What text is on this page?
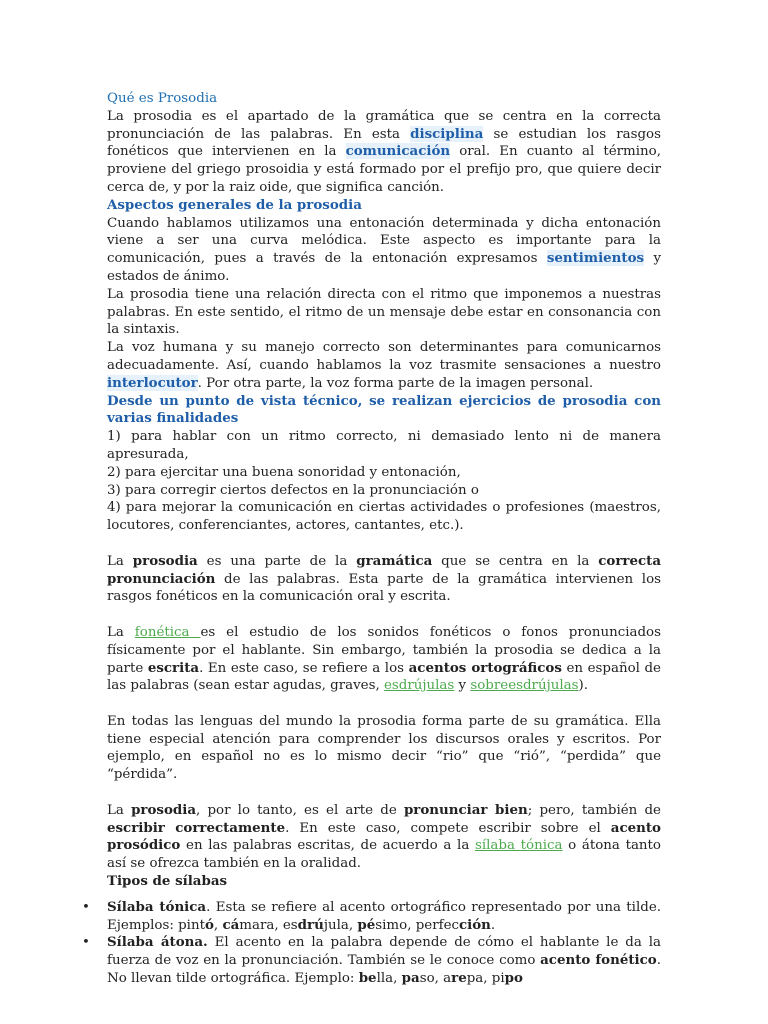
Qué es Prosodia

La prosodia es el apartado de la gramática que se centra en la correcta pronunciación de las palabras. En esta disciplina se estudian los rasgos fonéticos que intervienen en la comunicación oral. En cuanto al término, proviene del griego prosoidia y está formado por el prefijo pro, que quiere decir cerca de, y por la raiz oide, que significa canción.

Aspectos generales de la prosodia

Cuando hablamos utilizamos una entonación determinada y dicha entonación viene a ser una curva melódica. Este aspecto es importante para la comunicación, pues a través de la entonación expresamos sentimientos y estados de ánimo.

La prosodia tiene una relación directa con el ritmo que imponemos a nuestras palabras. En este sentido, el ritmo de un mensaje debe estar en consonancia con la sintaxis.

La voz humana y su manejo correcto son determinantes para comunicarnos adecuadamente. Así, cuando hablamos la voz trasmite sensaciones a nuestro interlocutor. Por otra parte, la voz forma parte de la imagen personal.

Desde un punto de vista técnico, se realizan ejercicios de prosodia con varias finalidades

1) para hablar con un ritmo correcto, ni demasiado lento ni de manera apresurada,

2) para ejercitar una buena sonoridad y entonación,

3) para corregir ciertos defectos en la pronunciación o

4) para mejorar la comunicación en ciertas actividades o profesiones (maestros, locutores, conferenciantes, actores, cantantes, etc.).

La prosodia es una parte de la gramática que se centra en la correcta pronunciación de las palabras. Esta parte de la gramática intervienen los rasgos fonéticos en la comunicación oral y escrita.

La fonética es el estudio de los sonidos fonéticos o fonos pronunciados físicamente por el hablante. Sin embargo, también la prosodia se dedica a la parte escrita. En este caso, se refiere a los acentos ortográficos en español de las palabras (sean estar agudas, graves, esdrújulas y sobreesdrújulas).

En todas las lenguas del mundo la prosodia forma parte de su gramática. Ella tiene especial atención para comprender los discursos orales y escritos. Por ejemplo, en español no es lo mismo decir “rio” que “rió”, “perdida” que “pérdida”.

La prosodia, por lo tanto, es el arte de pronunciar bien; pero, también de escribir correctamente. En este caso, compete escribir sobre el acento prosódico en las palabras escritas, de acuerdo a la sílaba tónica o átona tanto así se ofrezca también en la oralidad.

Tipos de sílabas

• Sílaba tónica. Esta se refiere al acento ortográfico representado por una tilde. Ejemplos: pintó, cámara, esdrújula, pésimo, perfección.
• Sílaba átona. El acento en la palabra depende de cómo el hablante le da la fuerza de voz en la pronunciación. También se le conoce como acento fonético. No llevan tilde ortográfica. Ejemplo: bella, paso, arepa, pipo
